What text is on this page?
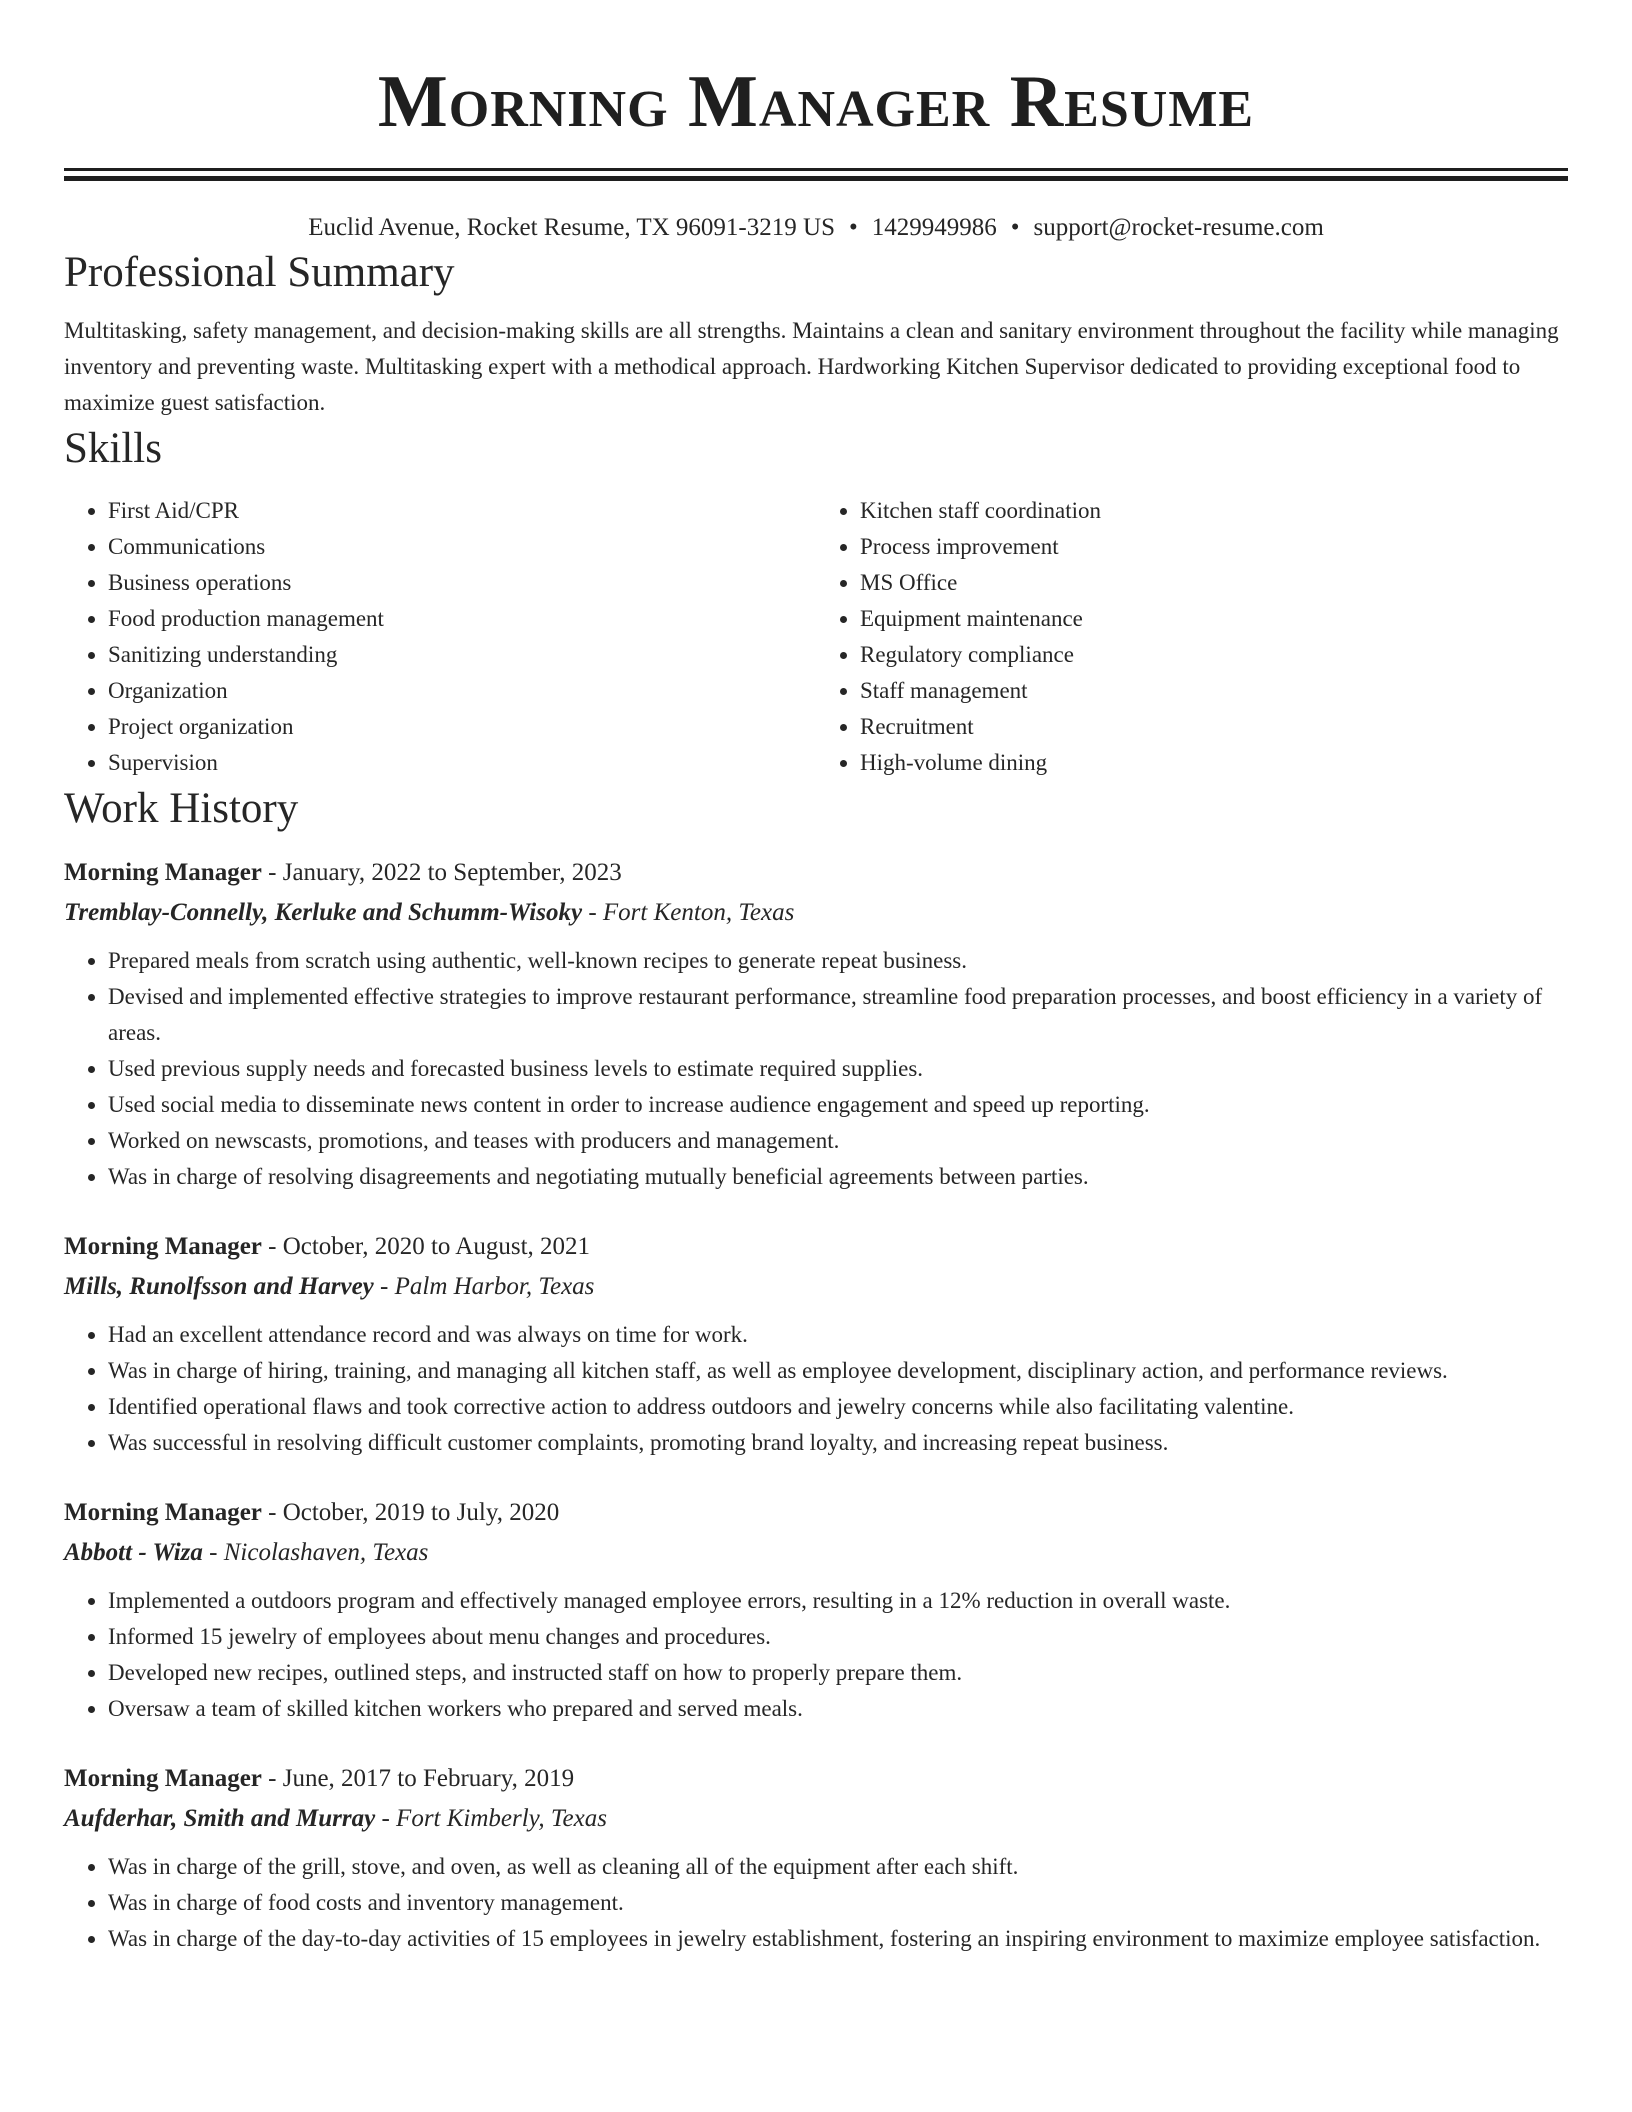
Morning Manager Resume
Euclid Avenue, Rocket Resume, TX 96091-3219 US • 1429949986 • support@rocket-resume.com
Professional Summary
Multitasking, safety management, and decision-making skills are all strengths. Maintains a clean and sanitary environment throughout the facility while managing inventory and preventing waste. Multitasking expert with a methodical approach. Hardworking Kitchen Supervisor dedicated to providing exceptional food to maximize guest satisfaction.
Skills
• First Aid/CPR
• Communications
• Business operations
• Food production management
• Sanitizing understanding
• Organization
• Project organization
• Supervision
• Kitchen staff coordination
• Process improvement
• MS Office
• Equipment maintenance
• Regulatory compliance
• Staff management
• Recruitment
• High-volume dining
Work History
Morning Manager - January, 2022 to September, 2023
Tremblay-Connelly, Kerluke and Schumm-Wisoky - Fort Kenton, Texas
• Prepared meals from scratch using authentic, well-known recipes to generate repeat business.
• Devised and implemented effective strategies to improve restaurant performance, streamline food preparation processes, and boost efficiency in a variety of areas.
• Used previous supply needs and forecasted business levels to estimate required supplies.
• Used social media to disseminate news content in order to increase audience engagement and speed up reporting.
• Worked on newscasts, promotions, and teases with producers and management.
• Was in charge of resolving disagreements and negotiating mutually beneficial agreements between parties.
Morning Manager - October, 2020 to August, 2021
Mills, Runolfsson and Harvey - Palm Harbor, Texas
• Had an excellent attendance record and was always on time for work.
• Was in charge of hiring, training, and managing all kitchen staff, as well as employee development, disciplinary action, and performance reviews.
• Identified operational flaws and took corrective action to address outdoors and jewelry concerns while also facilitating valentine.
• Was successful in resolving difficult customer complaints, promoting brand loyalty, and increasing repeat business.
Morning Manager - October, 2019 to July, 2020
Abbott - Wiza - Nicolashaven, Texas
• Implemented a outdoors program and effectively managed employee errors, resulting in a 12% reduction in overall waste.
• Informed 15 jewelry of employees about menu changes and procedures.
• Developed new recipes, outlined steps, and instructed staff on how to properly prepare them.
• Oversaw a team of skilled kitchen workers who prepared and served meals.
Morning Manager - June, 2017 to February, 2019
Aufderhar, Smith and Murray - Fort Kimberly, Texas
• Was in charge of the grill, stove, and oven, as well as cleaning all of the equipment after each shift.
• Was in charge of food costs and inventory management.
• Was in charge of the day-to-day activities of 15 employees in jewelry establishment, fostering an inspiring environment to maximize employee satisfaction.
